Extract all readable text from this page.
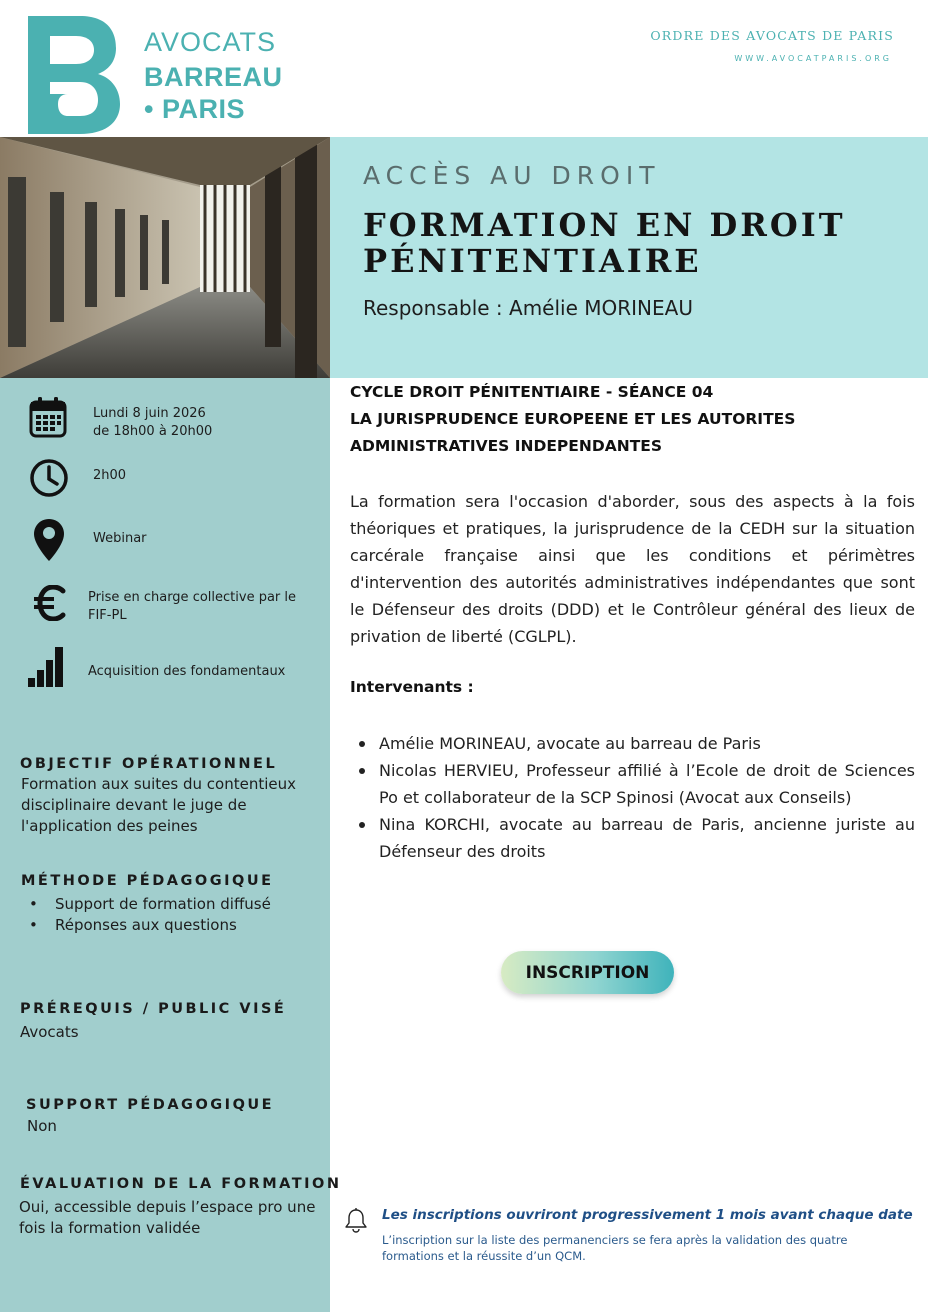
AVOCATS
BARREAU
• PARIS
ORDRE DES AVOCATS DE PARIS
WWW.AVOCATPARIS.ORG
ACCÈS AU DROIT
FORMATION EN DROIT PÉNITENTIAIRE
Responsable : Amélie MORINEAU
Lundi 8 juin 2026
de 18h00 à 20h00
2h00
Webinar
Prise en charge collective par le
FIF-PL
Acquisition des fondamentaux
OBJECTIF OPÉRATIONNEL
Formation aux suites du contentieux
disciplinaire devant le juge de
l'application des peines
MÉTHODE PÉDAGOGIQUE
• Support de formation diffusé
• Réponses aux questions
PRÉREQUIS / PUBLIC VISÉ
Avocats
SUPPORT PÉDAGOGIQUE
Non
ÉVALUATION DE LA FORMATION
Oui, accessible depuis l’espace pro une
fois la formation validée
CYCLE DROIT PÉNITENTIAIRE - SÉANCE 04
LA JURISPRUDENCE EUROPEENE ET LES AUTORITES
ADMINISTRATIVES INDEPENDANTES

La formation sera l'occasion d'aborder, sous des aspects à la fois théoriques et pratiques, la jurisprudence de la CEDH sur la situation carcérale française ainsi que les conditions et périmètres d'intervention des autorités administratives indépendantes que sont le Défenseur des droits (DDD) et le Contrôleur général des lieux de privation de liberté (CGLPL).

Intervenants :
Amélie MORINEAU, avocate au barreau de Paris
Nicolas HERVIEU, Professeur affilié à l’Ecole de droit de Sciences Po et collaborateur de la SCP Spinosi (Avocat aux Conseils)
Nina KORCHI, avocate au barreau de Paris, ancienne juriste au Défenseur des droits
INSCRIPTION
Les inscriptions ouvriront progressivement 1 mois avant chaque date
L’inscription sur la liste des permanenciers se fera après la validation des quatre formations et la réussite d’un QCM.
